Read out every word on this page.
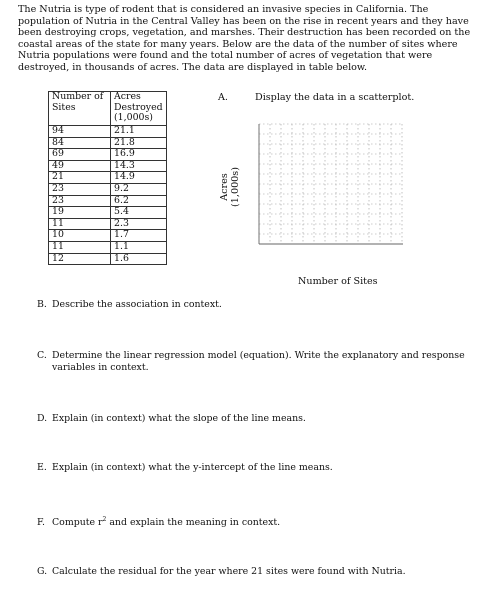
The Nutria is type of rodent that is considered an invasive species in California. The population of Nutria in the Central Valley has been on the rise in recent years and they have been destroying crops, vegetation, and marshes. Their destruction has been recorded on the coastal areas of the state for many years. Below are the data of the number of sites where Nutria populations were found and the total number of acres of vegetation that were destroyed, in thousands of acres. The data are displayed in table below.
Number of Sites	Acres Destroyed (1,000s)
94	21.1
84	21.8
69	16.9
49	14.3
21	14.9
23	9.2
23	6.2
19	5.4
11	2.3
10	1.7
11	1.1
12	1.6
A.	Display the data in a scatterplot.
Acres (1,000s)
Number of Sites
B. Describe the association in context.
C. Determine the linear regression model (equation). Write the explanatory and response
variables in context.
D. Explain (in context) what the slope of the line means.
E. Explain (in context) what the y-intercept of the line means.
F. Compute $r^2$ and explain the meaning in context.
G. Calculate the residual for the year where 21 sites were found with Nutria.
